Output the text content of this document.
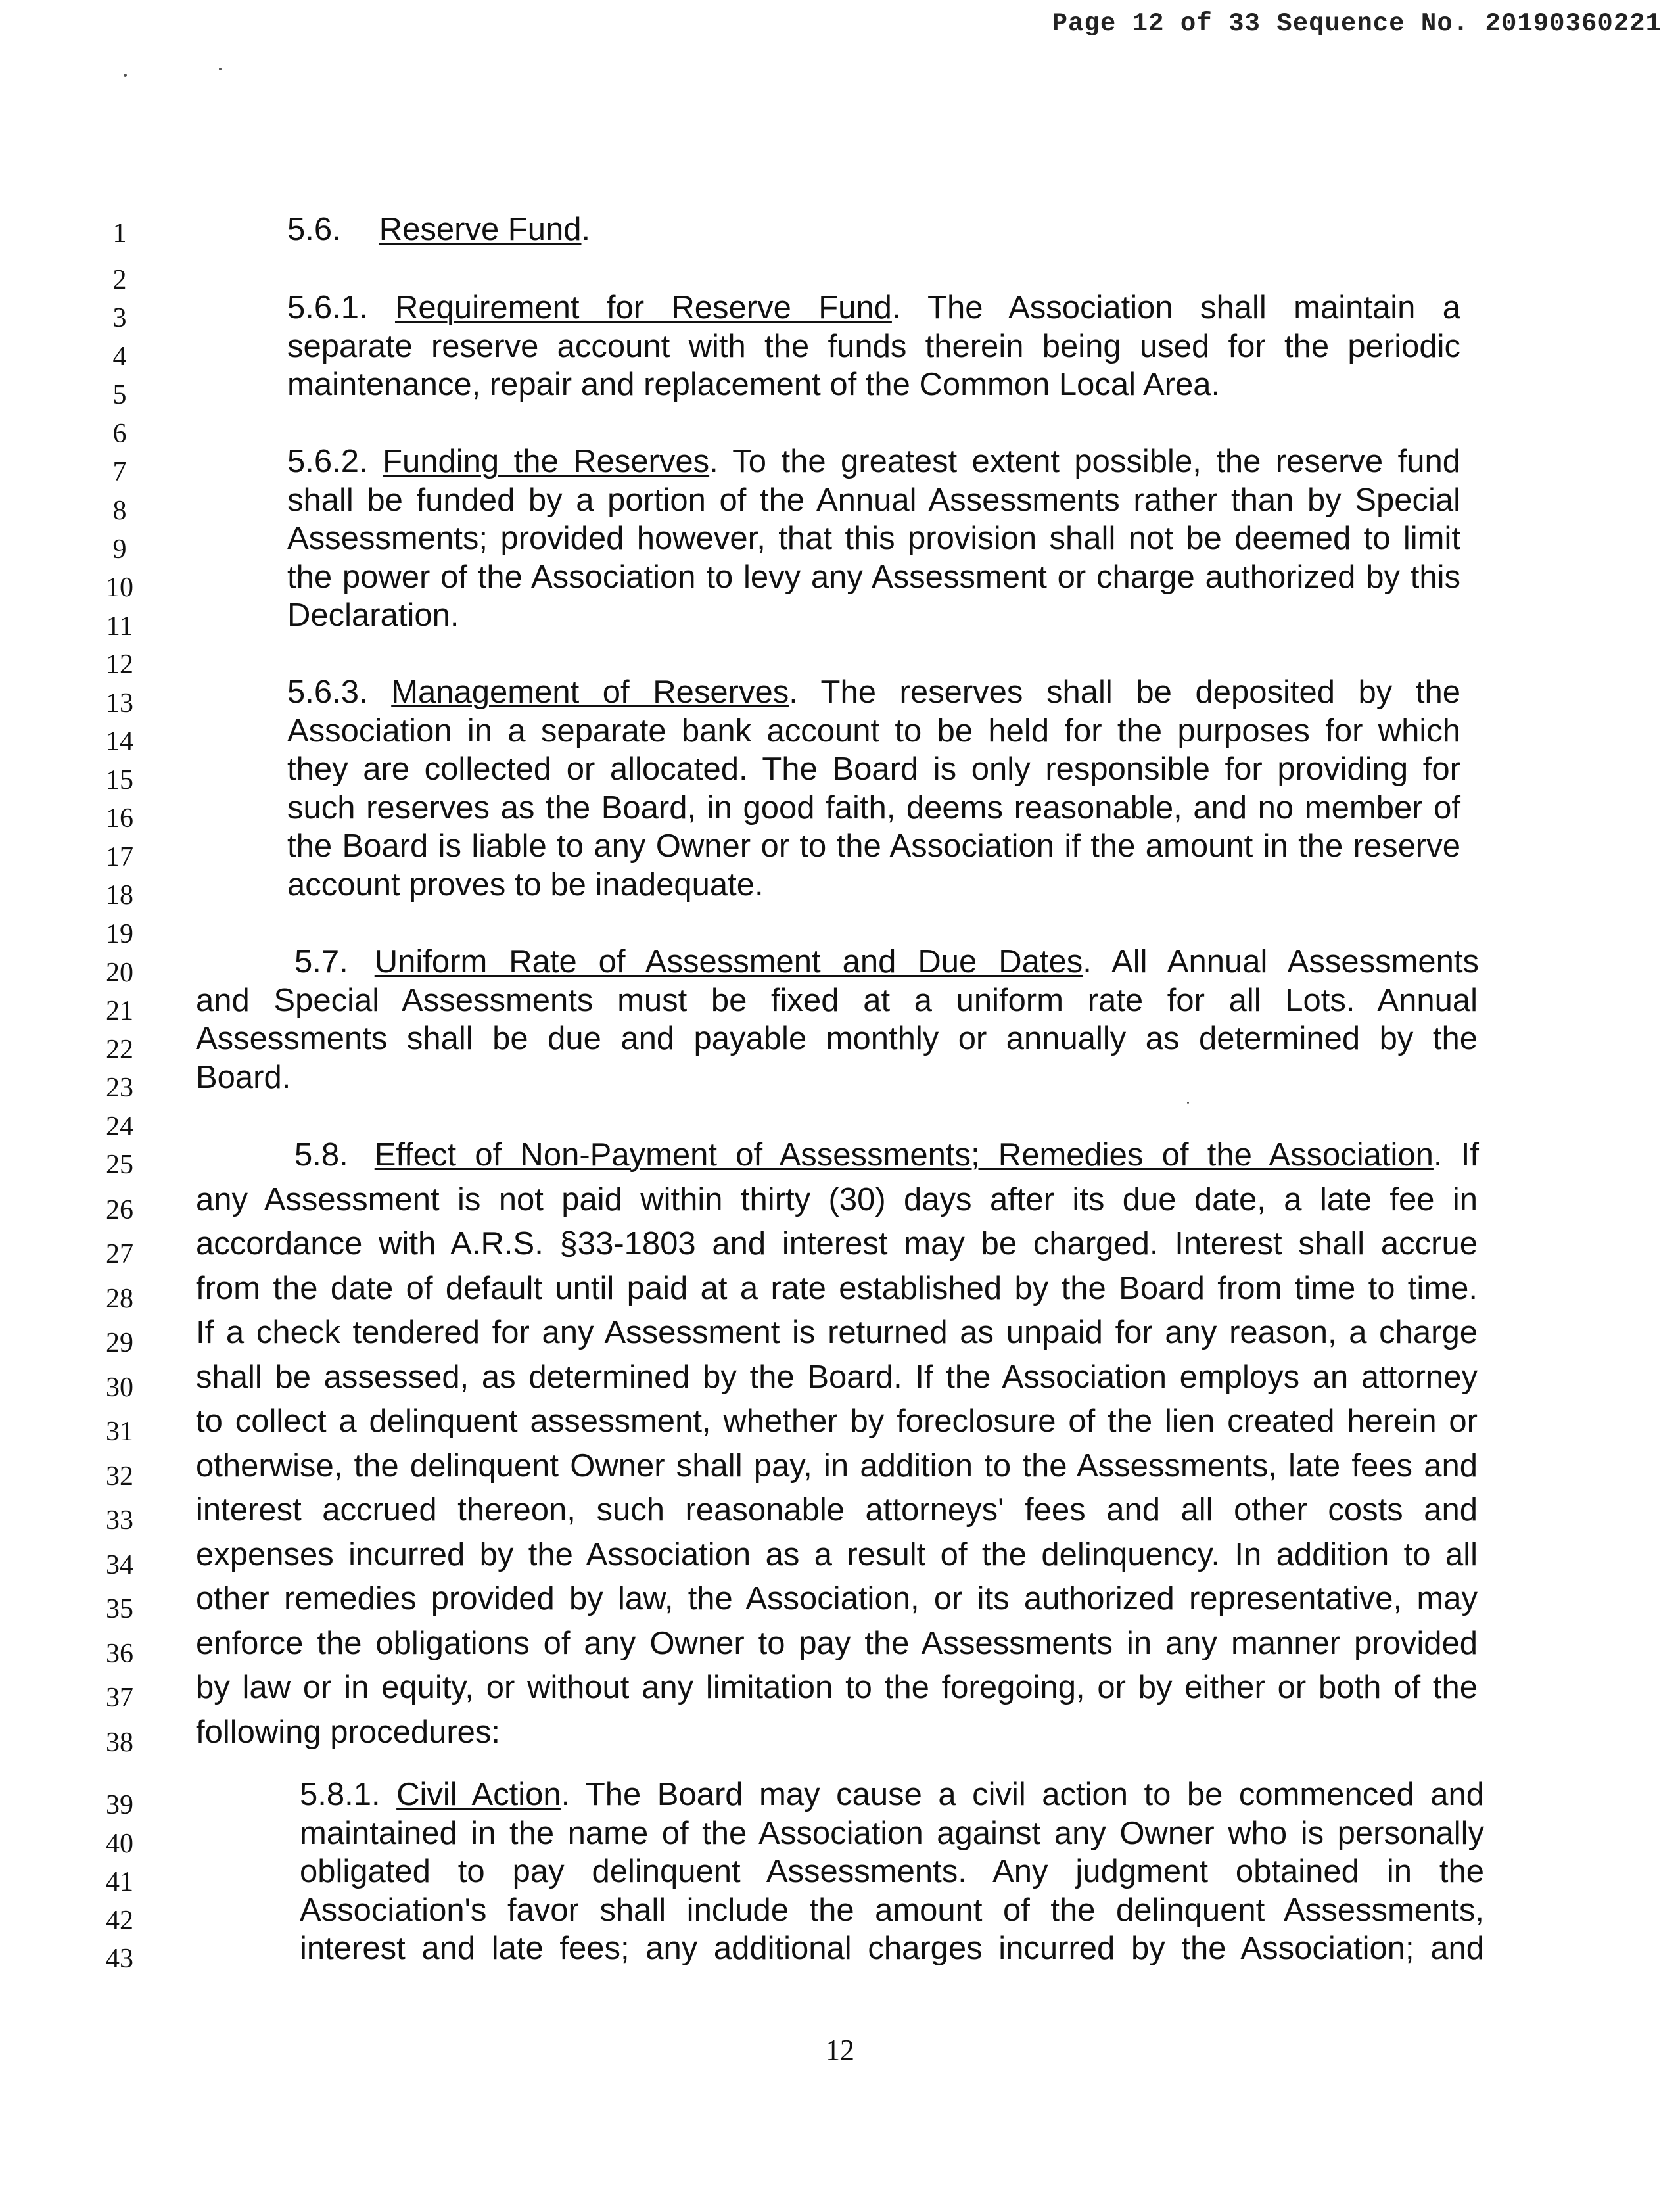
Page 12 of 33 Sequence No. 20190360221
1
2
3
4
5
6
7
8
9
10
11
12
13
14
15
16
17
18
19
20
21
22
23
24
25
26
27
28
29
30
31
32
33
34
35
36
37
38
39
40
41
42
43
5.6. Reserve Fund.
5.6.1. Requirement for Reserve Fund. The Association shall maintain a
separate reserve account with the funds therein being used for the periodic
maintenance, repair and replacement of the Common Local Area.
5.6.2. Funding the Reserves. To the greatest extent possible, the reserve fund
shall be funded by a portion of the Annual Assessments rather than by Special
Assessments; provided however, that this provision shall not be deemed to limit
the power of the Association to levy any Assessment or charge authorized by this
Declaration.
5.6.3. Management of Reserves. The reserves shall be deposited by the
Association in a separate bank account to be held for the purposes for which
they are collected or allocated. The Board is only responsible for providing for
such reserves as the Board, in good faith, deems reasonable, and no member of
the Board is liable to any Owner or to the Association if the amount in the reserve
account proves to be inadequate.
5.7. Uniform Rate of Assessment and Due Dates. All Annual Assessments
and Special Assessments must be fixed at a uniform rate for all Lots. Annual
Assessments shall be due and payable monthly or annually as determined by the
Board.
5.8. Effect of Non-Payment of Assessments; Remedies of the Association. If
any Assessment is not paid within thirty (30) days after its due date, a late fee in
accordance with A.R.S. §33-1803 and interest may be charged. Interest shall accrue
from the date of default until paid at a rate established by the Board from time to time.
If a check tendered for any Assessment is returned as unpaid for any reason, a charge
shall be assessed, as determined by the Board. If the Association employs an attorney
to collect a delinquent assessment, whether by foreclosure of the lien created herein or
otherwise, the delinquent Owner shall pay, in addition to the Assessments, late fees and
interest accrued thereon, such reasonable attorneys' fees and all other costs and
expenses incurred by the Association as a result of the delinquency. In addition to all
other remedies provided by law, the Association, or its authorized representative, may
enforce the obligations of any Owner to pay the Assessments in any manner provided
by law or in equity, or without any limitation to the foregoing, or by either or both of the
following procedures:
5.8.1. Civil Action. The Board may cause a civil action to be commenced and
maintained in the name of the Association against any Owner who is personally
obligated to pay delinquent Assessments. Any judgment obtained in the
Association's favor shall include the amount of the delinquent Assessments,
interest and late fees; any additional charges incurred by the Association; and
12
